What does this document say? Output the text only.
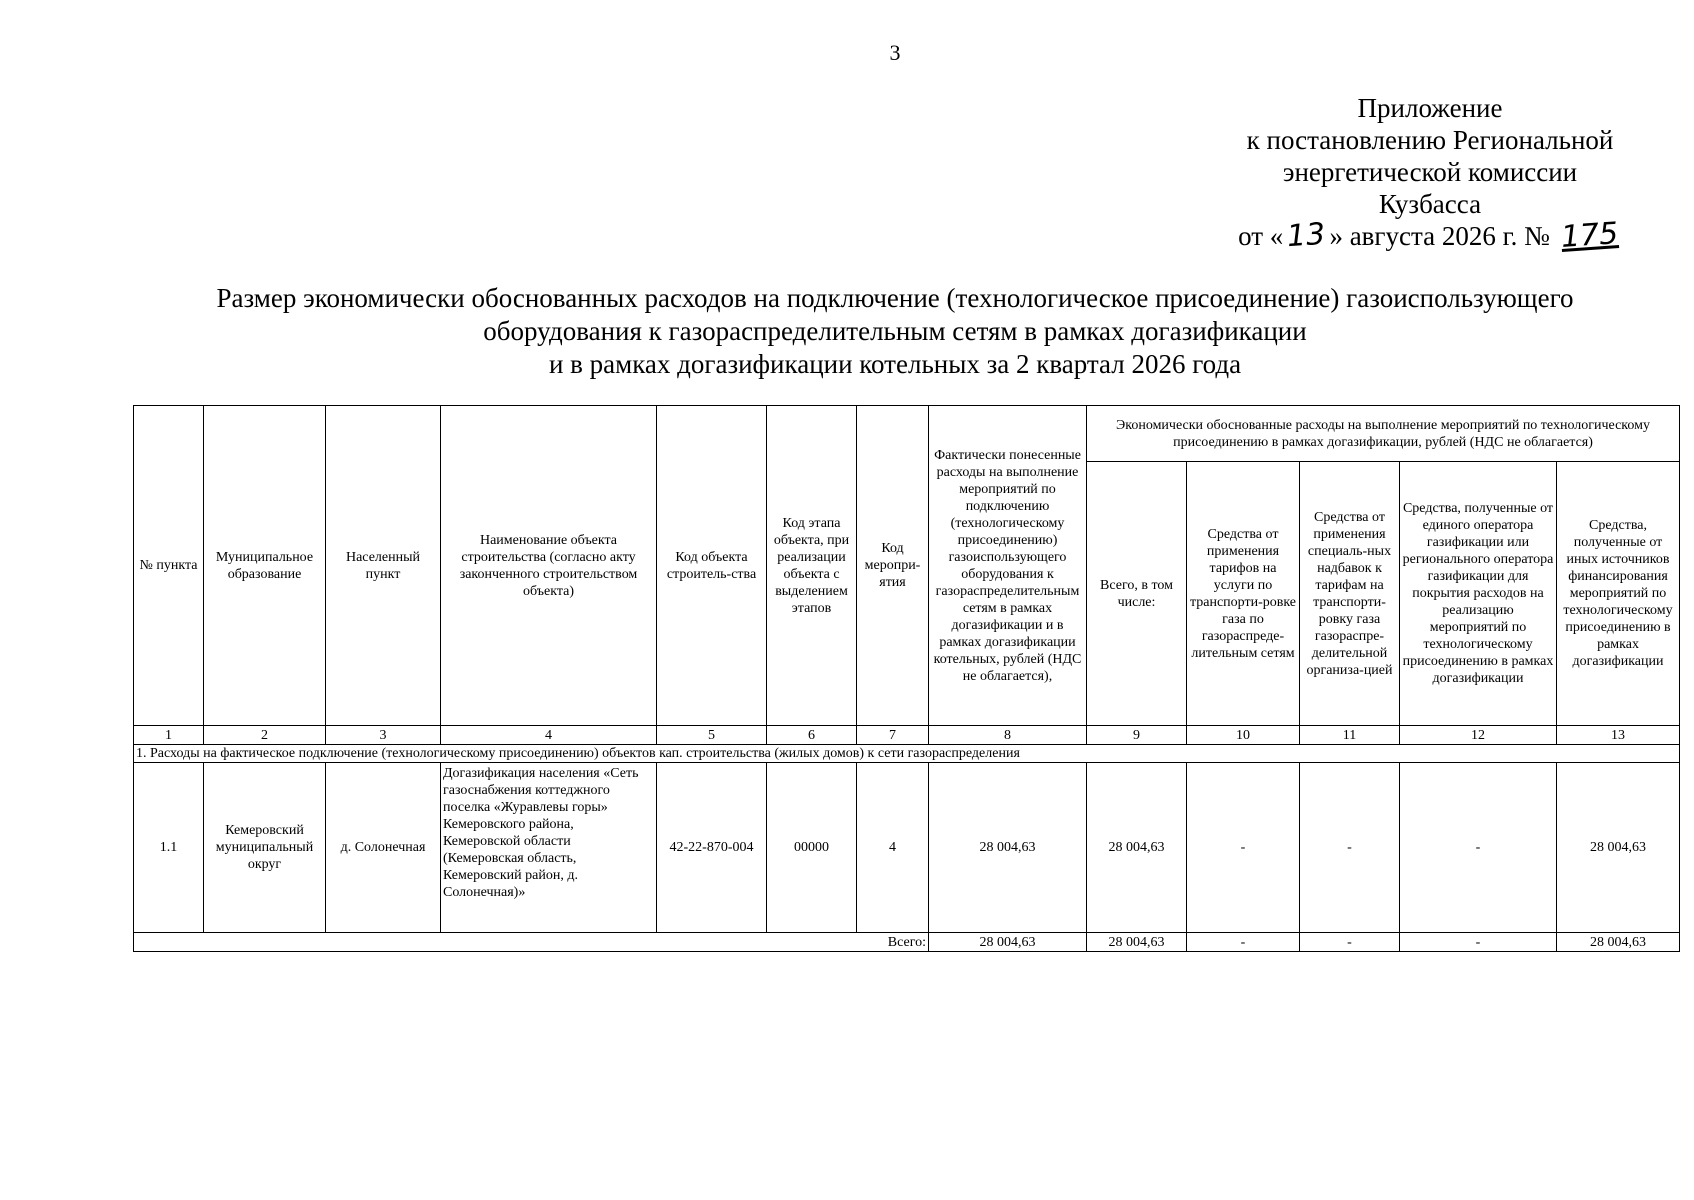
3
Приложение
к постановлению Региональной
энергетической комиссии
Кузбасса
от «13 » августа 2026 г. № 175
Размер экономически обоснованных расходов на подключение (технологическое присоединение) газоиспользующего
оборудования к газораспределительным сетям в рамках догазификации
и в рамках догазификации котельных за 2 квартал 2026 года
№ пункта	Муниципальное образование	Населенный пункт	Наименование объекта строительства (согласно акту законченного строительством объекта)	Код объекта строитель-ства	Код этапа объекта, при реализации объекта с выделением этапов	Код меропри-ятия	Фактически понесенные расходы на выполнение мероприятий по подключению (технологическому присоединению) газоиспользующего оборудования к газораспределительным сетям в рамках догазификации и в рамках догазификации котельных, рублей (НДС не облагается),	Экономически обоснованные расходы на выполнение мероприятий по технологическому присоединению в рамках догазификации, рублей (НДС не облагается)				
								Всего, в том числе:	Средства от применения тарифов на услуги по транспорти-ровке газа по газораспреде-лительным сетям	Средства от применения специаль-ных надбавок к тарифам на транспорти-ровку газа газораспре-делительной организа-цией	Средства, полученные от единого оператора газификации или регионального оператора газификации для покрытия расходов на реализацию мероприятий по технологическому присоединению в рамках догазификации	Средства, полученные от иных источников финансирования мероприятий по технологическому присоединению в рамках догазификации
1	2	3	4	5	6	7	8	9	10	11	12	13
1. Расходы на фактическое подключение (технологическому присоединению) объектов кап. строительства (жилых домов) к сети газораспределения												
1.1	Кемеровский муниципальный округ	д. Солонечная	Догазификация населения «Сеть газоснабжения коттеджного поселка «Журавлевы горы» Кемеровского района, Кемеровской области (Кемеровская область, Кемеровский район, д. Солонечная)»	42-22-870-004	00000	4	28 004,63	28 004,63	-	-	-	28 004,63
Всего:							28 004,63	28 004,63	-	-	-	28 004,63
